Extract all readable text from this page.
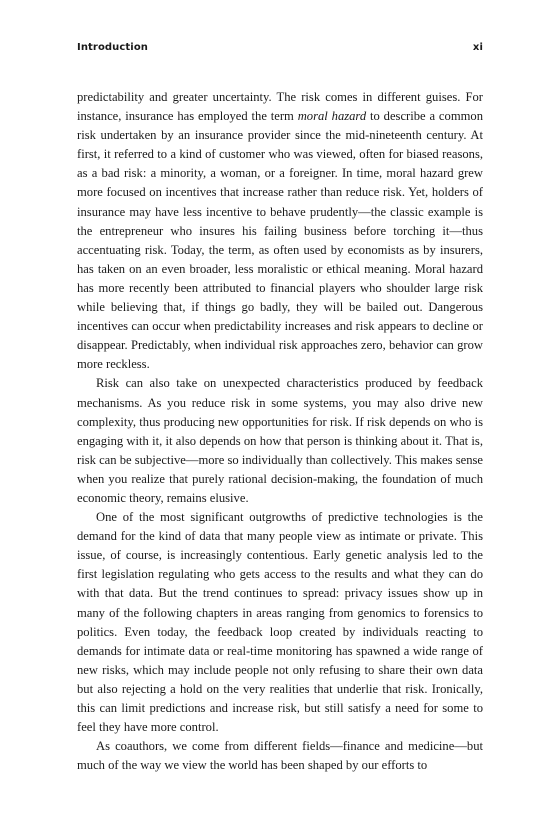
Introduction	xi

predictability and greater uncertainty. The risk comes in different guises. For instance, insurance has employed the term moral hazard to describe a common risk undertaken by an insurance provider since the mid-nineteenth century. At first, it referred to a kind of customer who was viewed, often for biased reasons, as a bad risk: a minority, a woman, or a foreigner. In time, moral hazard grew more focused on incentives that increase rather than reduce risk. Yet, holders of insurance may have less incentive to behave prudently—the classic example is the entrepreneur who insures his failing business before torching it—thus accentuating risk. Today, the term, as often used by economists as by insurers, has taken on an even broader, less moralistic or ethical meaning. Moral hazard has more recently been attributed to financial players who shoulder large risk while believing that, if things go badly, they will be bailed out. Dangerous incentives can occur when predictability increases and risk appears to decline or disappear. Predictably, when individual risk approaches zero, behavior can grow more reckless.

Risk can also take on unexpected characteristics produced by feedback mechanisms. As you reduce risk in some systems, you may also drive new complexity, thus producing new opportunities for risk. If risk depends on who is engaging with it, it also depends on how that person is thinking about it. That is, risk can be subjective—more so individually than collectively. This makes sense when you realize that purely rational decision-making, the foundation of much economic theory, remains elusive.

One of the most significant outgrowths of predictive technologies is the demand for the kind of data that many people view as intimate or private. This issue, of course, is increasingly contentious. Early genetic analysis led to the first legislation regulating who gets access to the results and what they can do with that data. But the trend continues to spread: privacy issues show up in many of the following chapters in areas ranging from genomics to forensics to politics. Even today, the feedback loop created by individuals reacting to demands for intimate data or real-time monitoring has spawned a wide range of new risks, which may include people not only refusing to share their own data but also rejecting a hold on the very realities that underlie that risk. Ironically, this can limit predictions and increase risk, but still satisfy a need for some to feel they have more control.

As coauthors, we come from different fields—finance and medicine—but much of the way we view the world has been shaped by our efforts to
